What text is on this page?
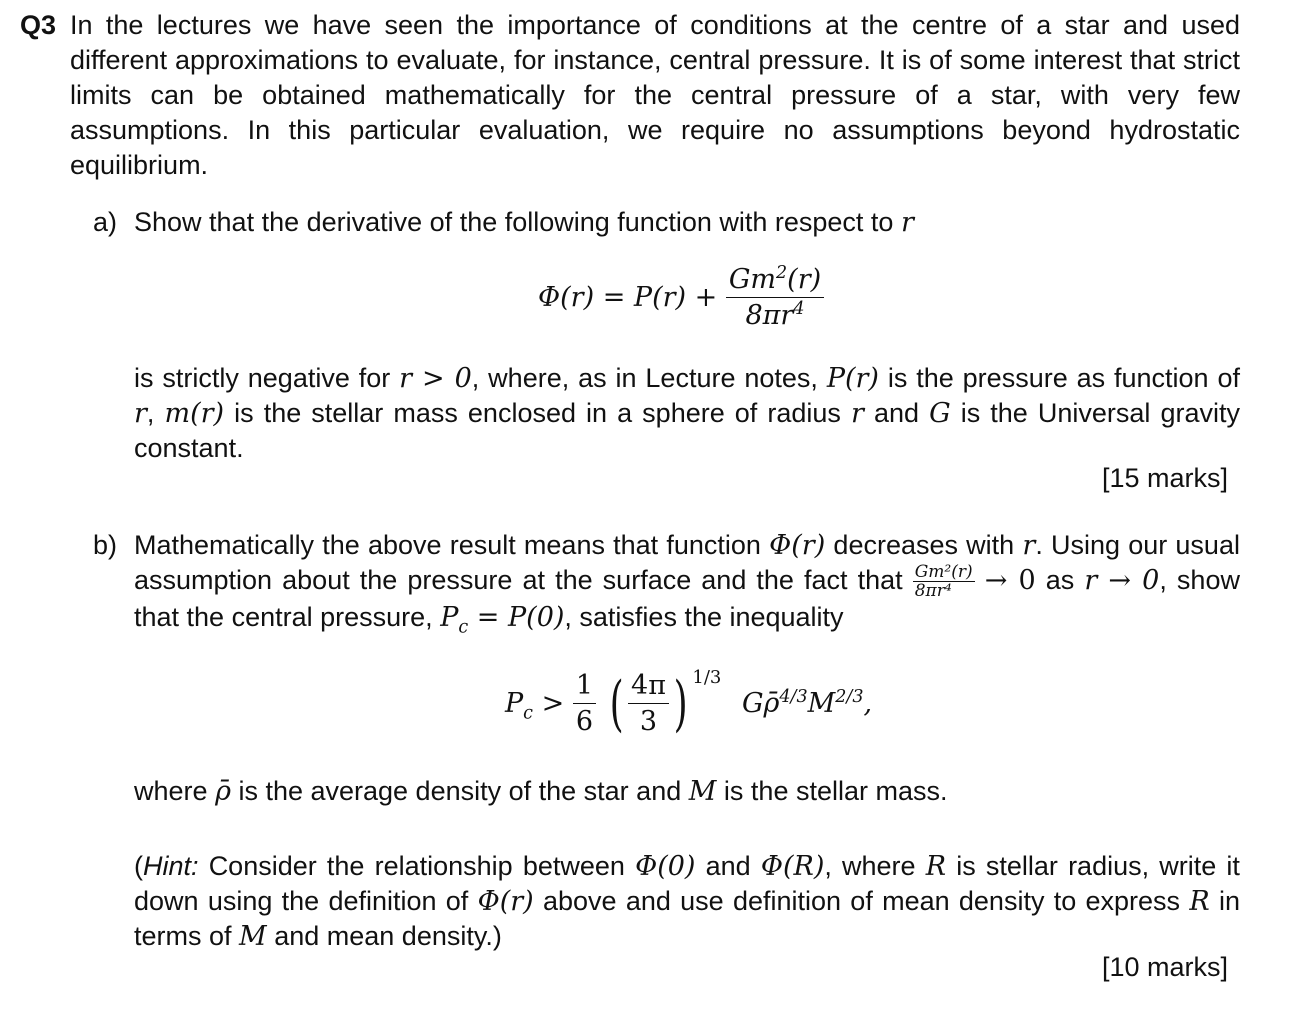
Q3 In the lectures we have seen the importance of conditions at the centre of a star and used different approximations to evaluate, for instance, central pressure. It is of some interest that strict limits can be obtained mathematically for the central pressure of a star, with very few assumptions. In this particular evaluation, we require no assumptions beyond hydrostatic equilibrium.

a) Show that the derivative of the following function with respect to r
$\Phi(r) = P(r) + \frac{Gm^2(r)}{8\pi r^4}$

is strictly negative for r > 0, where, as in Lecture notes, P(r) is the pressure as function of r, m(r) is the stellar mass enclosed in a sphere of radius r and G is the Universal gravity constant.

[15 marks]
b) Mathematically the above result means that function Φ(r) decreases with r. Using our usual assumption about the pressure at the surface and the fact that $\frac{\text{Gm²(r)}}{\text{8πr⁴}} \to 0$ as r → 0, show that the central pressure, $P_c = P(0)$, satisfies the inequality

$P_c > \frac{1}{6}$ ( $\frac{4\pi}{3}$ ) $^{1/3}$ $G\rhō^{4/3}M^{2/3}$,
where ρ̄ is the average density of the star and M is the stellar mass.

(Hint: Consider the relationship between Φ(0) and Φ(R), where R is stellar radius, write it down using the definition of Φ(r) above and use definition of mean density to express R in terms of M and mean density.)

[10 marks]
